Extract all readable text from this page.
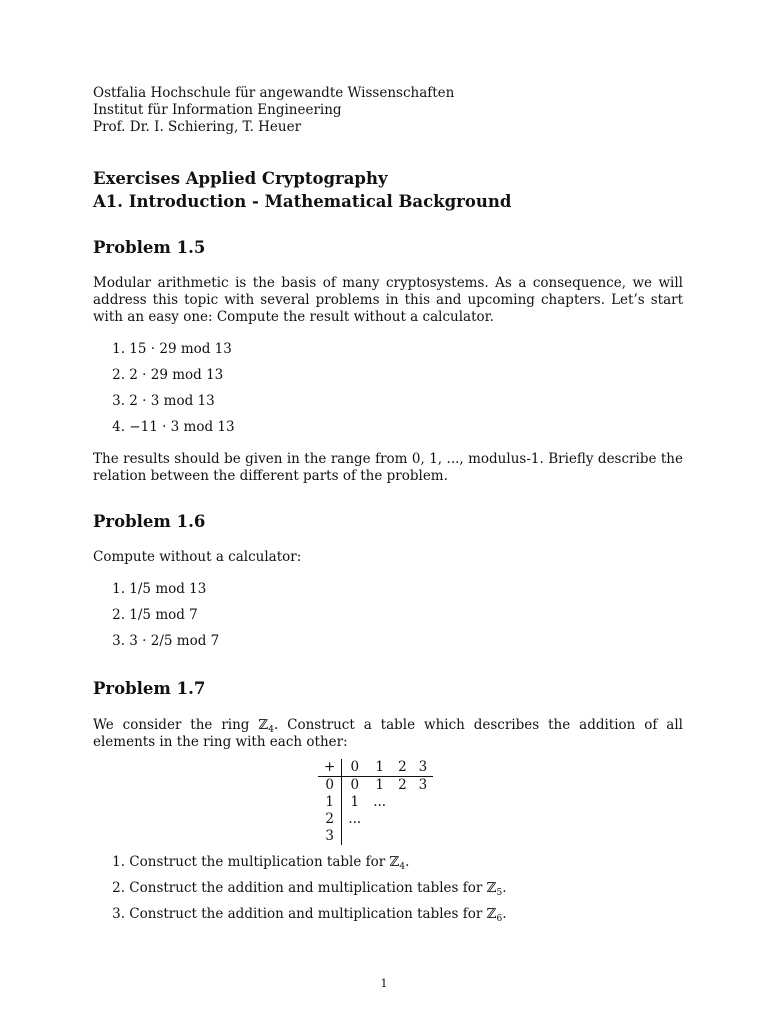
Ostfalia Hochschule für angewandte Wissenschaften
Institut für Information Engineering
Prof. Dr. I. Schiering, T. Heuer
Exercises Applied Cryptography
A1. Introduction - Mathematical Background
Problem 1.5

Modular arithmetic is the basis of many cryptosystems. As a consequence, we will address this topic with several problems in this and upcoming chapters. Let’s start with an easy one: Compute the result without a calculator.

1.
15 · 29 mod 13
2.
2 · 29 mod 13
3.
2 · 3 mod 13
4.
−11 · 3 mod 13

The results should be given in the range from 0, 1, ..., modulus-1. Briefly describe the relation between the different parts of the problem.

Problem 1.6

Compute without a calculator:

1.
1/5 mod 13
2.
1/5 mod 7
3.
3 · 2/5 mod 7
Problem 1.7

We consider the ring ℤ$_4$. Construct a table which describes the addition of all elements in the ring with each other:

+	0	1	2	3
0	0	1	2	3
1	1	...		
2	...			
3				
1.
Construct the multiplication table for ℤ$_4$.
2.
Construct the addition and multiplication tables for ℤ$_5$.
3.
Construct the addition and multiplication tables for ℤ$_6$.
1
